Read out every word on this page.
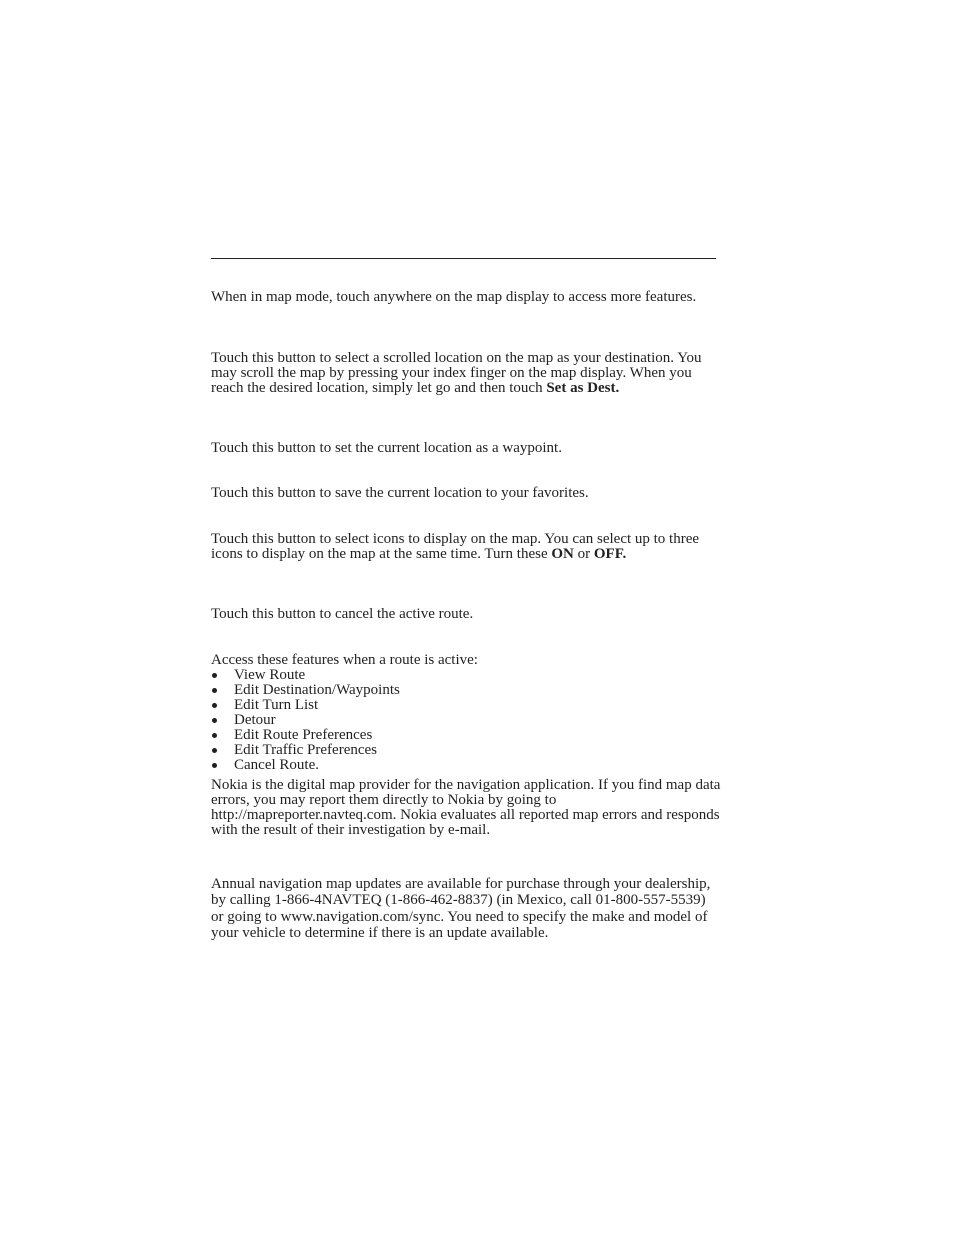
When in map mode, touch anywhere on the map display to access more features.

Touch this button to select a scrolled location on the map as your destination. You may scroll the map by pressing your index finger on the map display. When you reach the desired location, simply let go and then touch Set as Dest.

Touch this button to set the current location as a waypoint.

Touch this button to save the current location to your favorites.

Touch this button to select icons to display on the map. You can select up to three icons to display on the map at the same time. Turn these ON or OFF.

Touch this button to cancel the active route.

Access these features when a route is active:

View Route
Edit Destination/Waypoints
Edit Turn List
Detour
Edit Route Preferences
Edit Traffic Preferences
Cancel Route.

Nokia is the digital map provider for the navigation application. If you find map data errors, you may report them directly to Nokia by going to http://mapreporter.navteq.com. Nokia evaluates all reported map errors and responds with the result of their investigation by e-mail.

Annual navigation map updates are available for purchase through your dealership, by calling 1-866-4NAVTEQ (1-866-462-8837) (in Mexico, call 01-800-557-5539) or going to www.navigation.com/sync. You need to specify the make and model of your vehicle to determine if there is an update available.
